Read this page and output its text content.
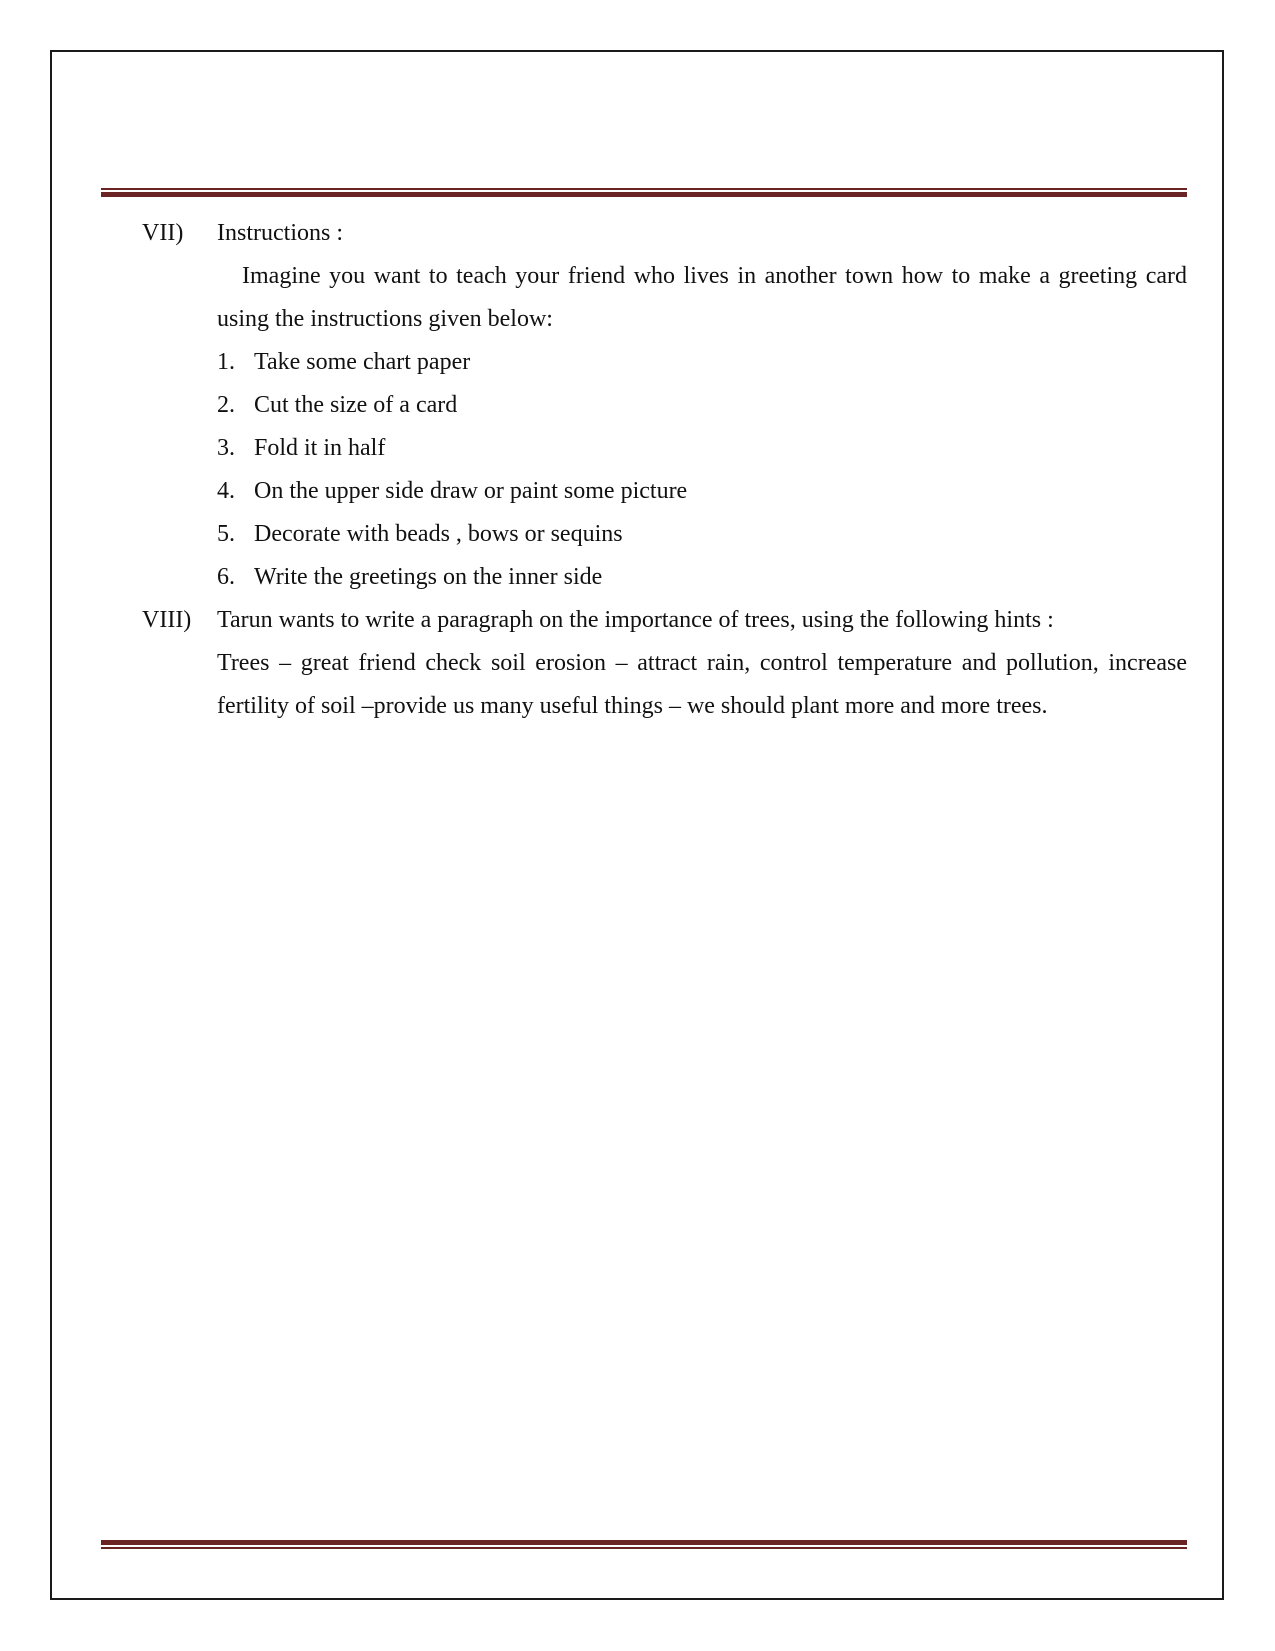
VII)	Instructions :
Imagine you want to teach your friend who lives in another town how to make a greeting card using the instructions given below:
1. Take some chart paper
2. Cut the size of a card
3. Fold it in half
4. On the upper side draw or paint some picture
5. Decorate with beads , bows or sequins
6. Write the greetings on the inner side
VIII)	Tarun wants to write a paragraph on the importance of trees, using the following hints :
Trees – great friend check soil erosion – attract rain, control temperature and pollution, increase fertility of soil –provide us many useful things – we should plant more and more trees.
